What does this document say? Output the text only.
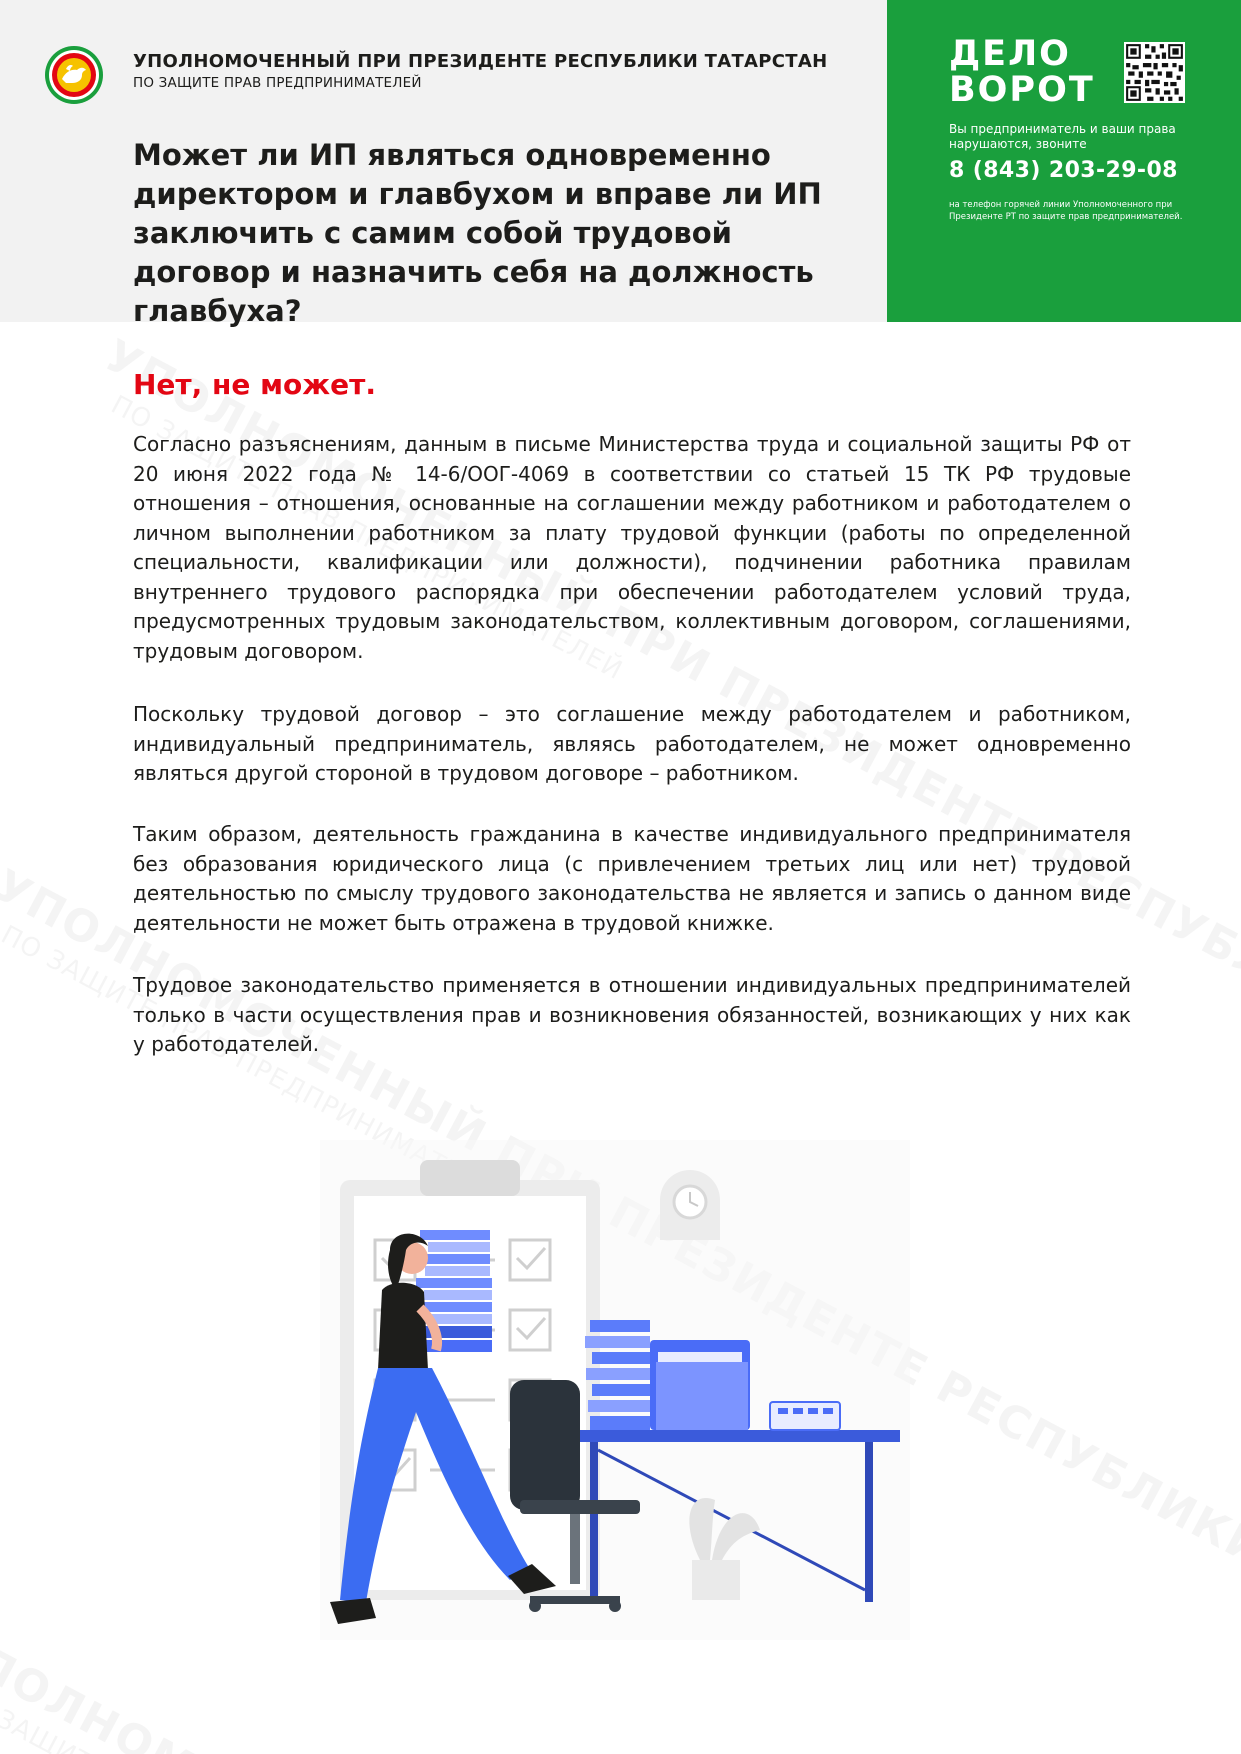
УПОЛНОМОЧЕННЫЙ ПРИ ПРЕЗИДЕНТЕ РЕСПУБЛИКИ ТАТАРСТАН
ПО ЗАЩИТЕ ПРАВ ПРЕДПРИНИМАТЕЛЕЙ
Может ли ИП являться одновременно директором и главбухом и вправе ли ИП заключить с самим собой трудовой договор и назначить себя на должность главбуха?
ДЕЛО
ВОРОТ
Вы предприниматель и ваши права нарушаются, звоните
8 (843) 203-29-08
на телефон горячей линии Уполномоченного при Президенте РТ по защите прав предпринимателей.
Нет, не может.

Согласно разъяснениям, данным в письме Министерства труда и социальной защиты РФ от 20 июня 2022 года № 14-6/ООГ-4069 в соответствии со статьей 15 ТК РФ трудовые отношения – отношения, основанные на соглашении между работником и работодателем о личном выполнении работником за плату трудовой функции (работы по определенной специальности, квалификации или должности), подчинении работника правилам внутреннего трудового распорядка при обеспечении работодателем условий труда, предусмотренных трудовым законодательством, коллективным договором, соглашениями, трудовым договором.

Поскольку трудовой договор – это соглашение между работодателем и работником, индивидуальный предприниматель, являясь работодателем, не может одновременно являться другой стороной в трудовом договоре – работником.

Таким образом, деятельность гражданина в качестве индивидуального предпринимателя без образования юридического лица (с привлечением третьих лиц или нет) трудовой деятельностью по смыслу трудового законодательства не является и запись о данном виде деятельности не может быть отражена в трудовой книжке.

Трудовое законодательство применяется в отношении индивидуальных предпринимателей только в части осуществления прав и возникновения обязанностей, возникающих у них как у работодателей.
